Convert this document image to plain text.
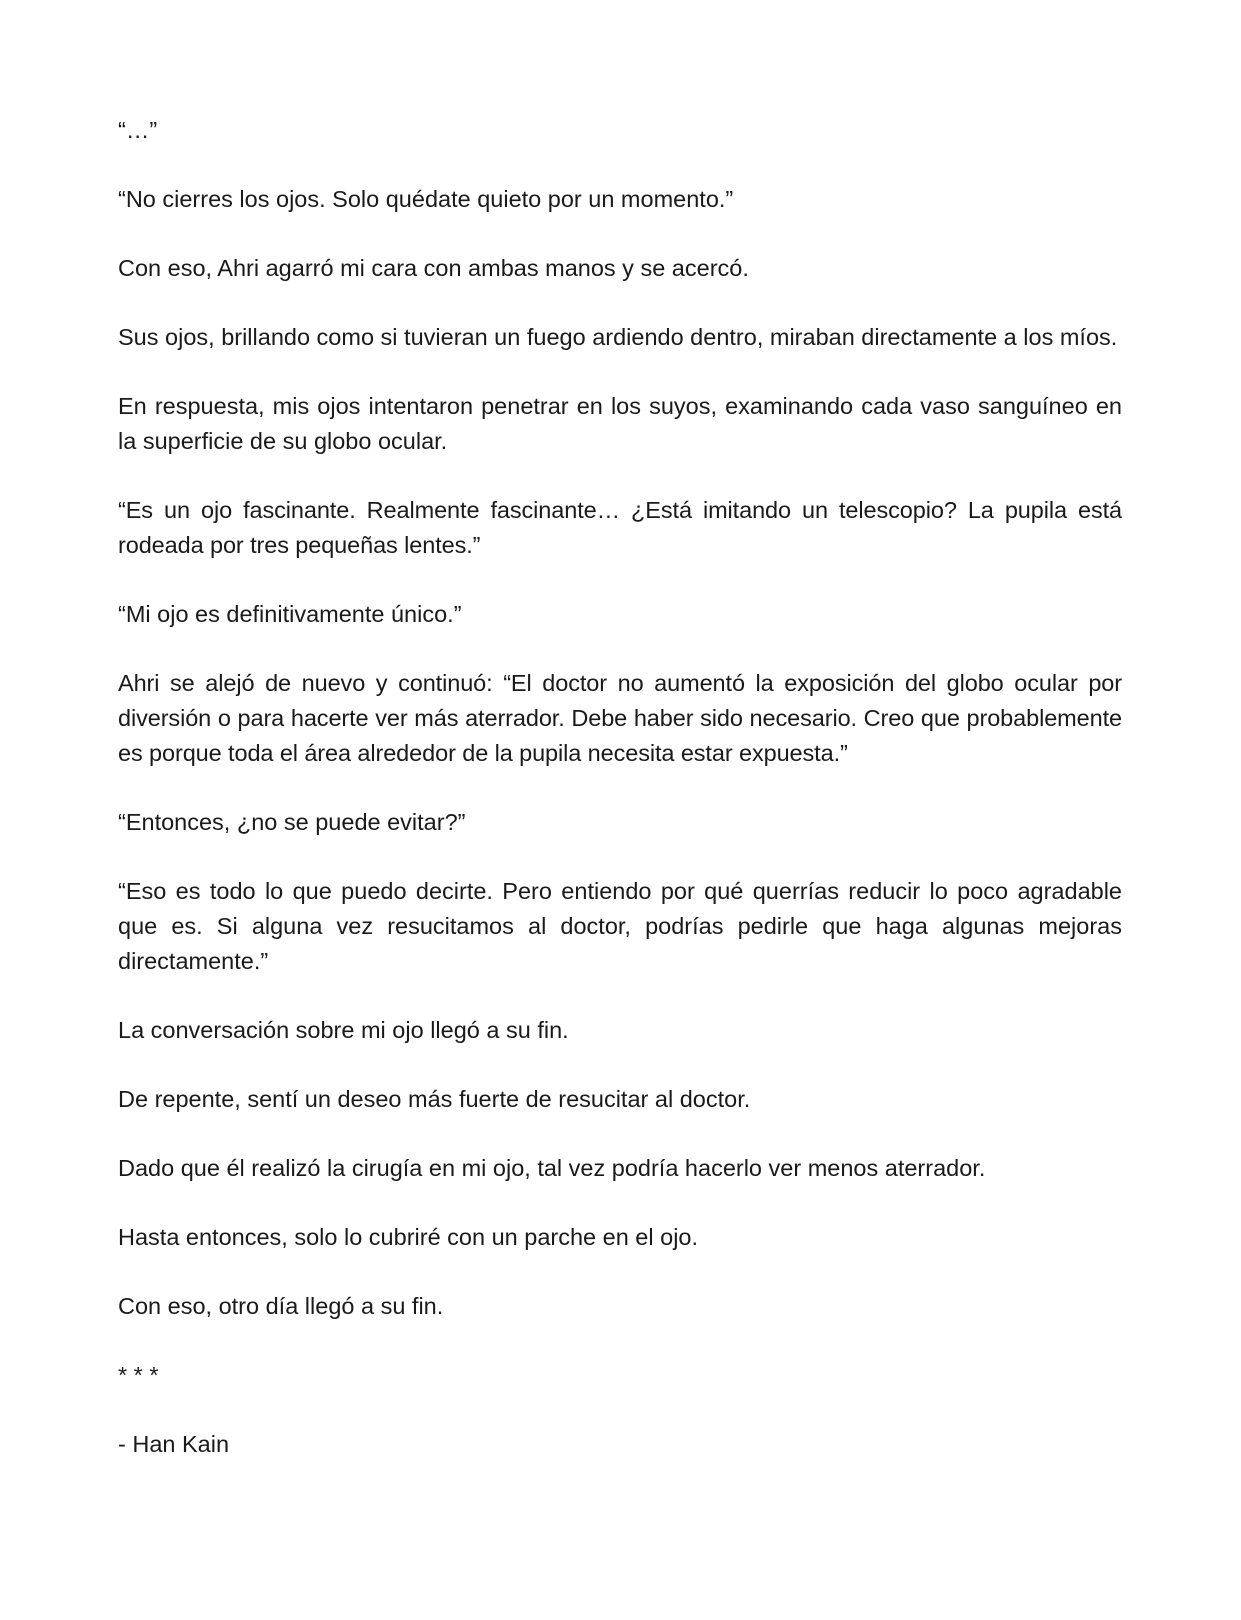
“…”

“No cierres los ojos. Solo quédate quieto por un momento.”

Con eso, Ahri agarró mi cara con ambas manos y se acercó.

Sus ojos, brillando como si tuvieran un fuego ardiendo dentro, miraban directamente a los míos.

En respuesta, mis ojos intentaron penetrar en los suyos, examinando cada vaso sanguíneo en la superficie de su globo ocular.

“Es un ojo fascinante. Realmente fascinante… ¿Está imitando un telescopio? La pupila está rodeada por tres pequeñas lentes.”

“Mi ojo es definitivamente único.”

Ahri se alejó de nuevo y continuó: “El doctor no aumentó la exposición del globo ocular por diversión o para hacerte ver más aterrador. Debe haber sido necesario. Creo que probablemente es porque toda el área alrededor de la pupila necesita estar expuesta.”

“Entonces, ¿no se puede evitar?”

“Eso es todo lo que puedo decirte. Pero entiendo por qué querrías reducir lo poco agradable que es. Si alguna vez resucitamos al doctor, podrías pedirle que haga algunas mejoras directamente.”

La conversación sobre mi ojo llegó a su fin.

De repente, sentí un deseo más fuerte de resucitar al doctor.

Dado que él realizó la cirugía en mi ojo, tal vez podría hacerlo ver menos aterrador.

Hasta entonces, solo lo cubriré con un parche en el ojo.

Con eso, otro día llegó a su fin.

* * *

- Han Kain
